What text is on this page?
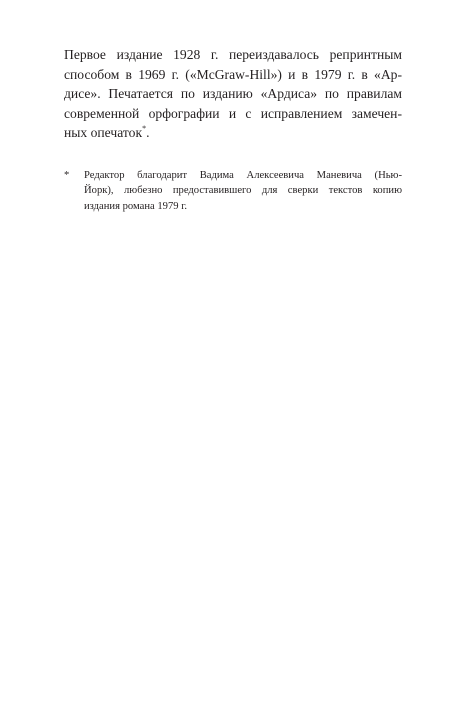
Первое издание 1928 г. переиздавалось репринтным
способом в 1969 г. («McGraw-Hill») и в 1979 г. в «Ар-
дисе». Печатается по изданию «Ардиса» по правилам
современной орфографии и с исправлением замечен-
ных опечаток*.

* Редактор благодарит Вадима Алексеевича Маневича (Нью-
Йорк), любезно предоставившего для сверки текстов копию
издания романа 1979 г.
